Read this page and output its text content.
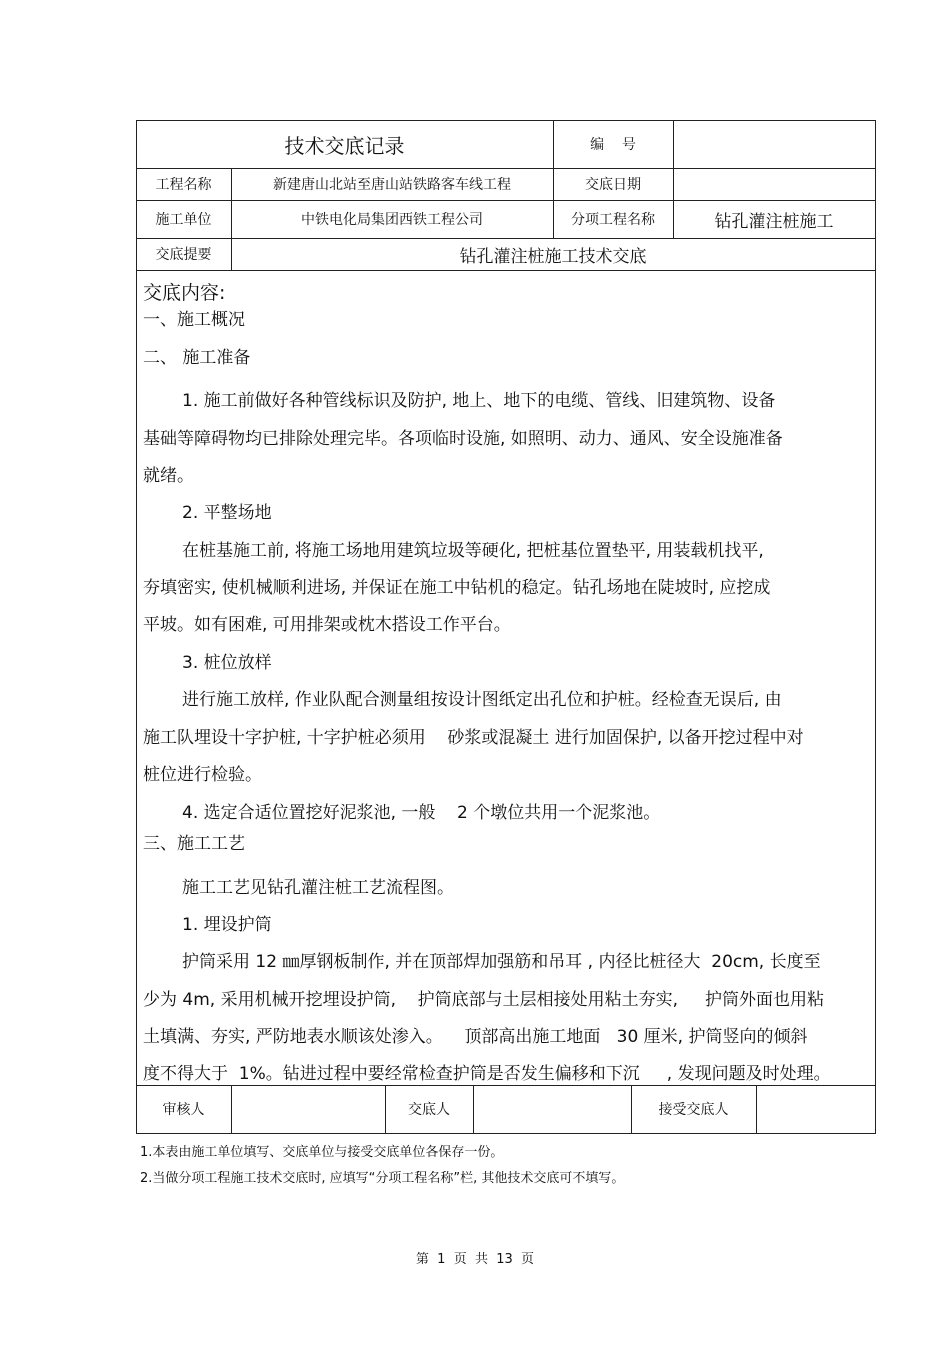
技术交底记录	编    号
工程名称	新建唐山北站至唐山站铁路客车线工程	交底日期
施工单位	中铁电化局集团西铁工程公司	分项工程名称	钻孔灌注桩施工
交底提要	钻孔灌注桩施工技术交底
交底内容:
一、施工概况
二、 施工准备
1. 施工前做好各种管线标识及防护, 地上、地下的电缆、管线、旧建筑物、设备
基础等障碍物均已排除处理完毕。各项临时设施, 如照明、动力、通风、安全设施准备
就绪。
2. 平整场地
在桩基施工前, 将施工场地用建筑垃圾等硬化, 把桩基位置垫平, 用装载机找平,
夯填密实, 使机械顺利进场, 并保证在施工中钻机的稳定。钻孔场地在陡坡时, 应挖成
平坡。如有困难, 可用排架或枕木搭设工作平台。
3. 桩位放样
进行施工放样, 作业队配合测量组按设计图纸定出孔位和护桩。经检查无误后, 由
施工队埋设十字护桩, 十字护桩必须用    砂浆或混凝土 进行加固保护, 以备开挖过程中对
桩位进行检验。
4. 选定合适位置挖好泥浆池, 一般    2 个墩位共用一个泥浆池。
三、施工工艺
施工工艺见钻孔灌注桩工艺流程图。
1. 埋设护筒
护筒采用 12 ㎜厚钢板制作, 并在顶部焊加强筋和吊耳 , 内径比桩径大  20cm, 长度至
少为 4m, 采用机械开挖埋设护筒,    护筒底部与土层相接处用粘土夯实,     护筒外面也用粘
土填满、夯实, 严防地表水顺该处渗入。    顶部高出施工地面   30 厘米, 护筒竖向的倾斜
度不得大于  1%。钻进过程中要经常检查护筒是否发生偏移和下沉     , 发现问题及时处理。
审核人	交底人	接受交底人
1.本表由施工单位填写、交底单位与接受交底单位各保存一份。
2.当做分项工程施工技术交底时, 应填写“分项工程名称”栏, 其他技术交底可不填写。
第  1  页  共  13  页
